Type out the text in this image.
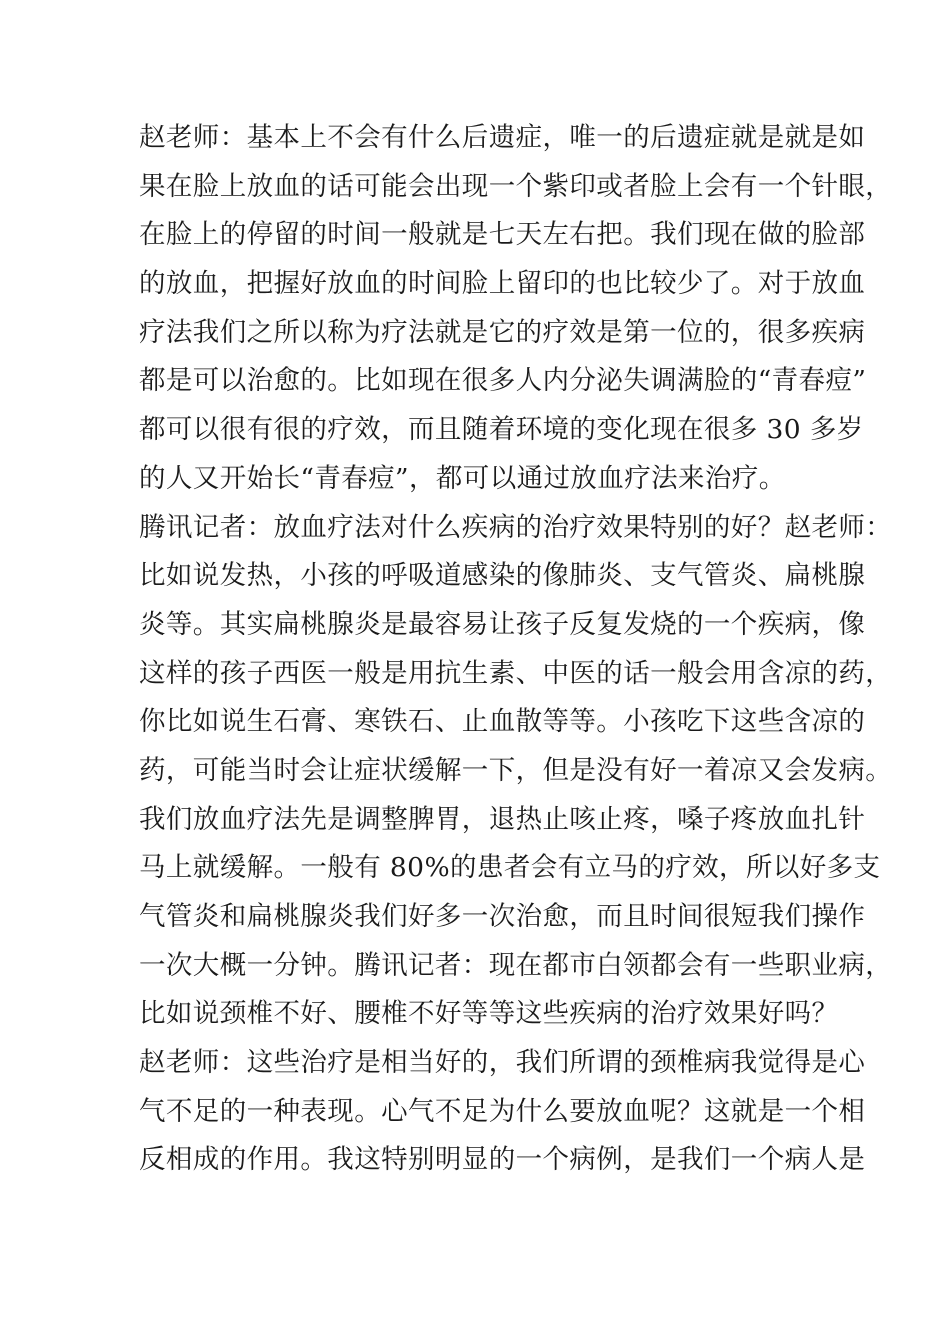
赵老师：基本上不会有什么后遗症，唯一的后遗症就是就是如
果在脸上放血的话可能会出现一个紫印或者脸上会有一个针眼，
在脸上的停留的时间一般就是七天左右把。我们现在做的脸部
的放血，把握好放血的时间脸上留印的也比较少了。对于放血
疗法我们之所以称为疗法就是它的疗效是第一位的，很多疾病
都是可以治愈的。比如现在很多人内分泌失调满脸的“青春痘”
都可以很有很的疗效，而且随着环境的变化现在很多 30 多岁
的人又开始长“青春痘”，都可以通过放血疗法来治疗。
腾讯记者：放血疗法对什么疾病的治疗效果特别的好？赵老师：
比如说发热，小孩的呼吸道感染的像肺炎、支气管炎、扁桃腺
炎等。其实扁桃腺炎是最容易让孩子反复发烧的一个疾病，像
这样的孩子西医一般是用抗生素、中医的话一般会用含凉的药，
你比如说生石膏、寒铁石、止血散等等。小孩吃下这些含凉的
药，可能当时会让症状缓解一下，但是没有好一着凉又会发病。
我们放血疗法先是调整脾胃，退热止咳止疼，嗓子疼放血扎针
马上就缓解。一般有 80%的患者会有立马的疗效，所以好多支
气管炎和扁桃腺炎我们好多一次治愈，而且时间很短我们操作
一次大概一分钟。腾讯记者：现在都市白领都会有一些职业病，
比如说颈椎不好、腰椎不好等等这些疾病的治疗效果好吗？
赵老师：这些治疗是相当好的，我们所谓的颈椎病我觉得是心
气不足的一种表现。心气不足为什么要放血呢？这就是一个相
反相成的作用。我这特别明显的一个病例，是我们一个病人是
